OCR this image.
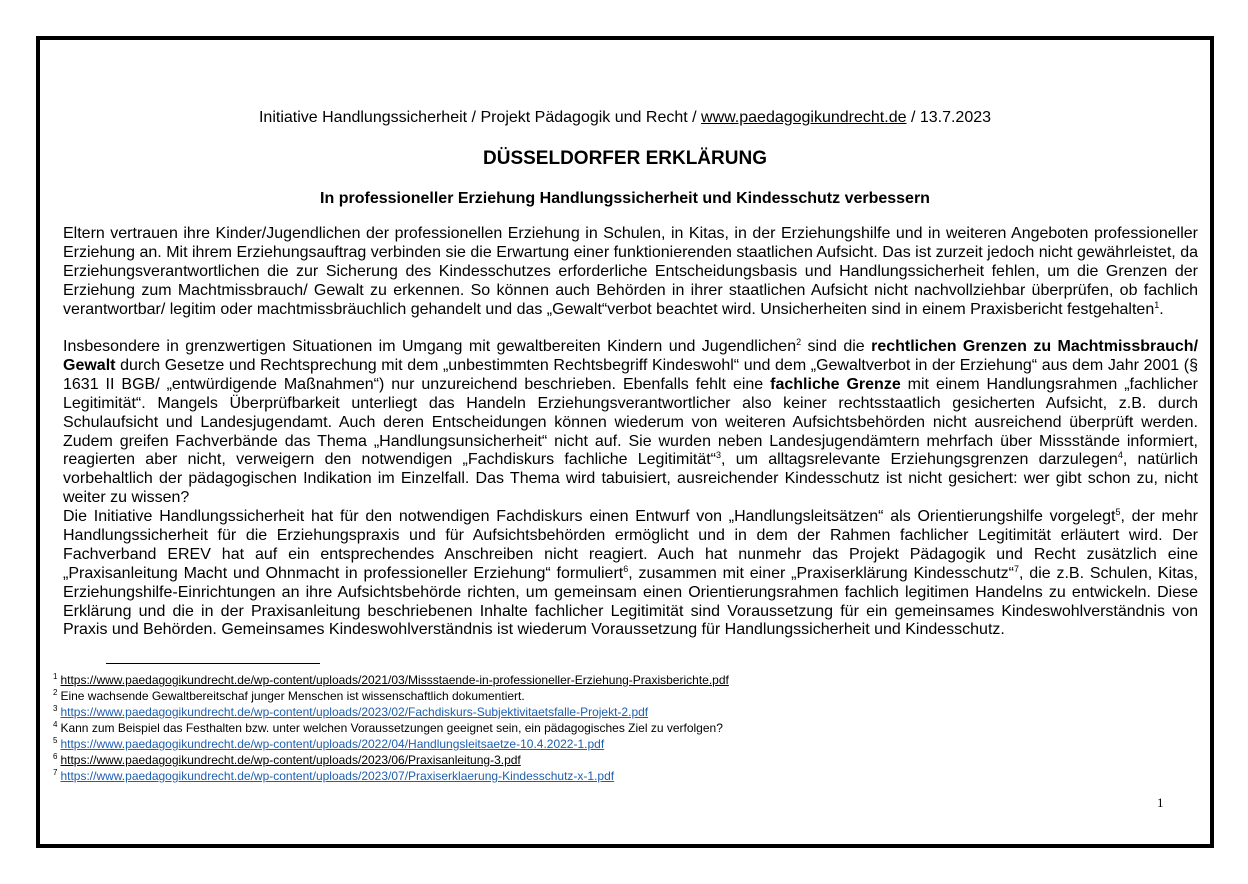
Initiative Handlungssicherheit / Projekt Pädagogik und Recht / www.paedagogikundrecht.de / 13.7.2023
DÜSSELDORFER ERKLÄRUNG
In professioneller Erziehung Handlungssicherheit und Kindesschutz verbessern

Eltern vertrauen ihre Kinder/Jugendlichen der professionellen Erziehung in Schulen, in Kitas, in der Erziehungshilfe und in weiteren Angeboten professioneller Erziehung an. Mit ihrem Erziehungsauftrag verbinden sie die Erwartung einer funktionierenden staatlichen Aufsicht. Das ist zurzeit jedoch nicht gewährleistet, da Erziehungsverantwortlichen die zur Sicherung des Kindesschutzes erforderliche Entscheidungsbasis und Handlungssicherheit fehlen, um die Grenzen der Erziehung zum Machtmissbrauch/ Gewalt zu erkennen. So können auch Behörden in ihrer staatlichen Aufsicht nicht nachvollziehbar überprüfen, ob fachlich verantwortbar/ legitim oder machtmissbräuchlich gehandelt und das „Gewalt“verbot beachtet wird. Unsicherheiten sind in einem Praxisbericht festgehalten$^1$.

Insbesondere in grenzwertigen Situationen im Umgang mit gewaltbereiten Kindern und Jugendlichen$^2$ sind die rechtlichen Grenzen zu Machtmissbrauch/ Gewalt durch Gesetze und Rechtsprechung mit dem „unbestimmten Rechtsbegriff Kindeswohl“ und dem „Gewaltverbot in der Erziehung“ aus dem Jahr 2001 (§ 1631 II BGB/ „entwürdigende Maßnahmen“) nur unzureichend beschrieben. Ebenfalls fehlt eine fachliche Grenze mit einem Handlungsrahmen „fachlicher Legitimität“. Mangels Überprüfbarkeit unterliegt das Handeln Erziehungsverantwortlicher also keiner rechtsstaatlich gesicherten Aufsicht, z.B. durch Schulaufsicht und Landesjugendamt. Auch deren Entscheidungen können wiederum von weiteren Aufsichtsbehörden nicht ausreichend überprüft werden. Zudem greifen Fachverbände das Thema „Handlungsunsicherheit“ nicht auf. Sie wurden neben Landesjugendämtern mehrfach über Missstände informiert, reagierten aber nicht, verweigern den notwendigen „Fachdiskurs fachliche Legitimität“$^3$, um alltagsrelevante Erziehungsgrenzen darzulegen$^4$, natürlich vorbehaltlich der pädagogischen Indikation im Einzelfall. Das Thema wird tabuisiert, ausreichender Kindesschutz ist nicht gesichert: wer gibt schon zu, nicht weiter zu wissen?

Die Initiative Handlungssicherheit hat für den notwendigen Fachdiskurs einen Entwurf von „Handlungsleitsätzen“ als Orientierungshilfe vorgelegt$^5$, der mehr Handlungssicherheit für die Erziehungspraxis und für Aufsichtsbehörden ermöglicht und in dem der Rahmen fachlicher Legitimität erläutert wird. Der Fachverband EREV hat auf ein entsprechendes Anschreiben nicht reagiert. Auch hat nunmehr das Projekt Pädagogik und Recht zusätzlich eine „Praxisanleitung Macht und Ohnmacht in professioneller Erziehung“ formuliert$^6$, zusammen mit einer „Praxiserklärung Kindesschutz“$^7$, die z.B. Schulen, Kitas, Erziehungshilfe-Einrichtungen an ihre Aufsichtsbehörde richten, um gemeinsam einen Orientierungsrahmen fachlich legitimen Handelns zu entwickeln. Diese Erklärung und die in der Praxisanleitung beschriebenen Inhalte fachlicher Legitimität sind Voraussetzung für ein gemeinsames Kindeswohlverständnis von Praxis und Behörden. Gemeinsames Kindeswohlverständnis ist wiederum Voraussetzung für Handlungssicherheit und Kindesschutz.

$^1$ https://www.paedagogikundrecht.de/wp-content/uploads/2021/03/Missstaende-in-professioneller-Erziehung-Praxisberichte.pdf
$^2$ Eine wachsende Gewaltbereitschaf junger Menschen ist wissenschaftlich dokumentiert.
$^3$ https://www.paedagogikundrecht.de/wp-content/uploads/2023/02/Fachdiskurs-Subjektivitaetsfalle-Projekt-2.pdf
$^4$ Kann zum Beispiel das Festhalten bzw. unter welchen Voraussetzungen geeignet sein, ein pädagogisches Ziel zu verfolgen?
$^5$ https://www.paedagogikundrecht.de/wp-content/uploads/2022/04/Handlungsleitsaetze-10.4.2022-1.pdf
$^6$ https://www.paedagogikundrecht.de/wp-content/uploads/2023/06/Praxisanleitung-3.pdf
$^7$ https://www.paedagogikundrecht.de/wp-content/uploads/2023/07/Praxiserklaerung-Kindesschutz-x-1.pdf
1
